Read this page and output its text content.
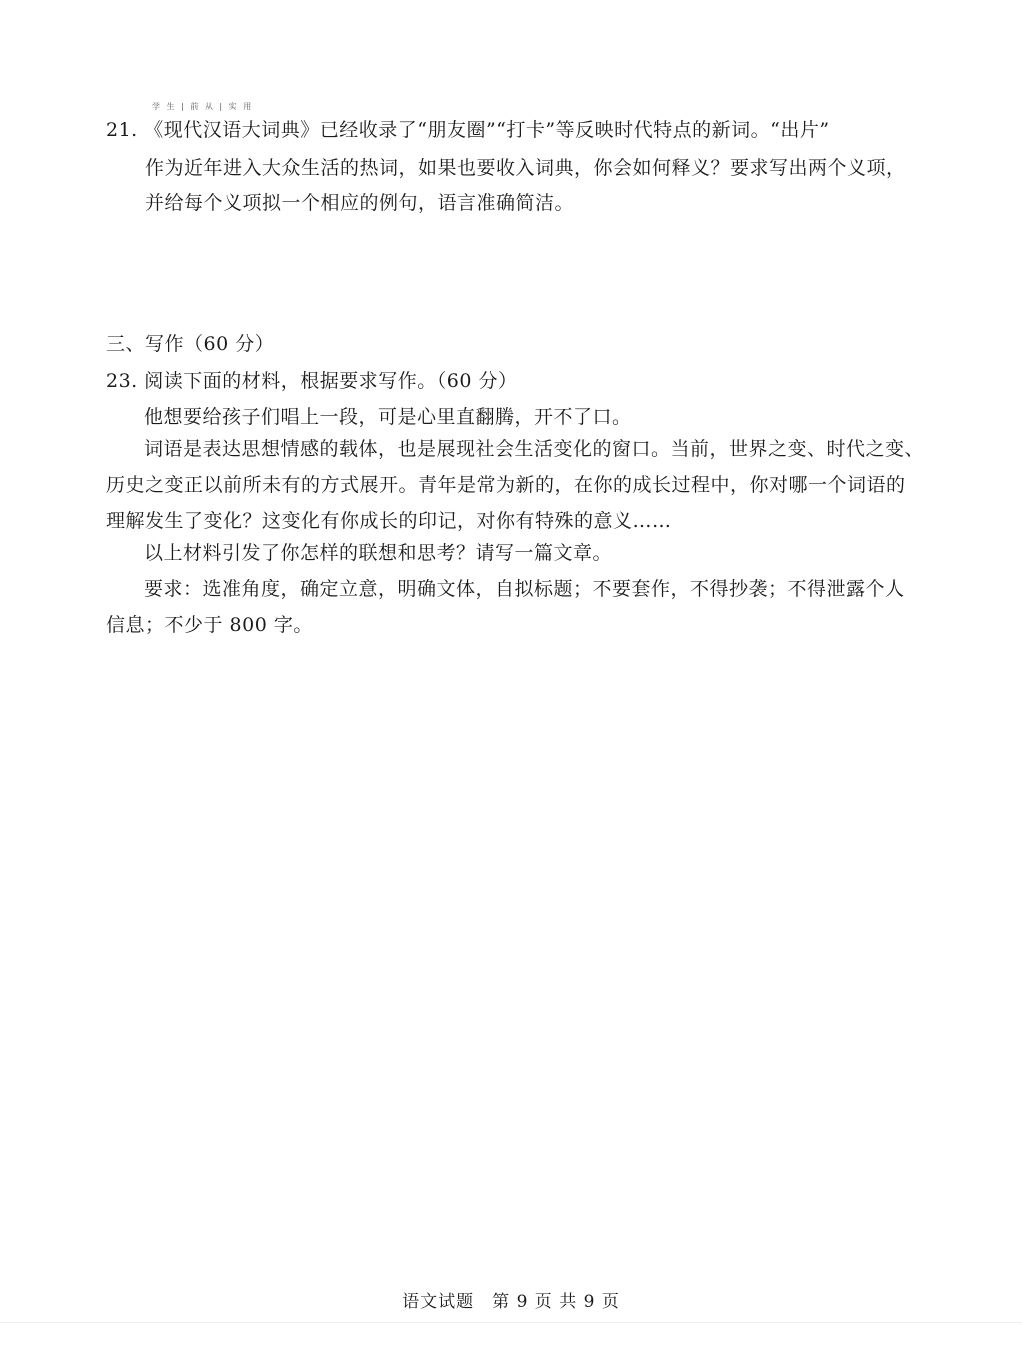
学 生 | 前 从 | 实 用
21. 《现代汉语大词典》已经收录了“朋友圈”“打卡”等反映时代特点的新词。“出片”
作为近年进入大众生活的热词，如果也要收入词典，你会如何释义？要求写出两个义项，
并给每个义项拟一个相应的例句，语言准确简洁。
三、写作（60 分）
23. 阅读下面的材料，根据要求写作。（60 分）
他想要给孩子们唱上一段，可是心里直翻腾，开不了口。
词语是表达思想情感的载体，也是展现社会生活变化的窗口。当前，世界之变、时代之变、
历史之变正以前所未有的方式展开。青年是常为新的，在你的成长过程中，你对哪一个词语的
理解发生了变化？这变化有你成长的印记，对你有特殊的意义……
以上材料引发了你怎样的联想和思考？请写一篇文章。
要求：选准角度，确定立意，明确文体，自拟标题；不要套作，不得抄袭；不得泄露个人
信息；不少于 800 字。
语文试题　第 9 页 共 9 页
